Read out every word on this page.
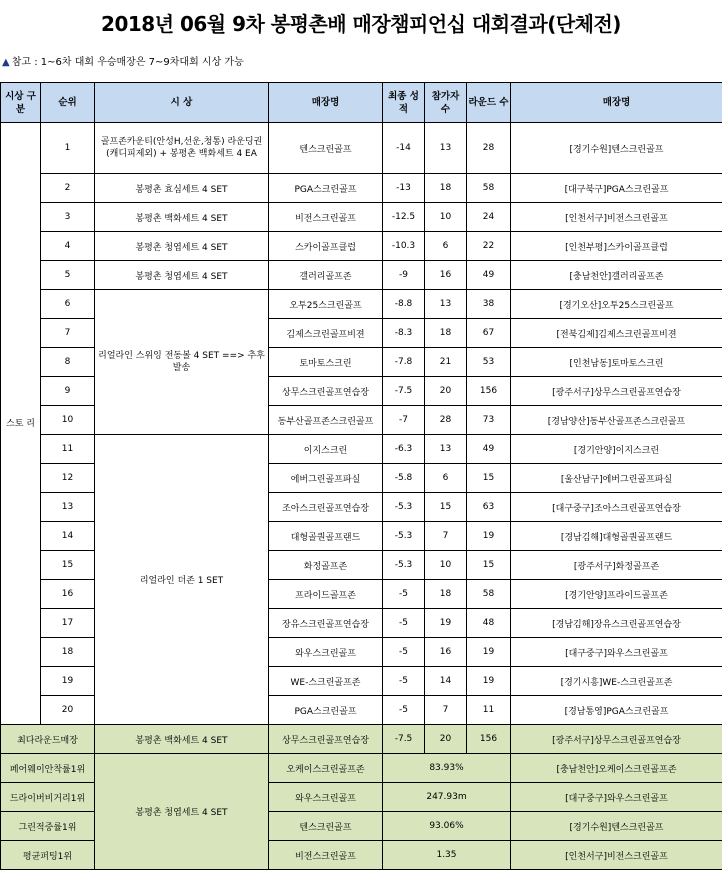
2018년 06월 9차 봉평촌배 매장챔피언십 대회결과(단체전)
▲ 참고 : 1~6차 대회 우승매장은 7~9차대회 시상 가능
시상 구분	순위	시 상	매장명	최종 성적	참가자 수	라운드 수	매장명
스토 리	1	골프존카운티(안성H,선운,청통) 라운딩권(캐디피제외) + 봉평촌 백화세트 4 EA	텐스크린골프	-14	13	28	[경기수원]텐스크린골프
	2	봉평촌 효심세트 4 SET	PGA스크린골프	-13	18	58	[대구북구]PGA스크린골프
	3	봉평촌 백화세트 4 SET	비전스크린골프	-12.5	10	24	[인천서구]비전스크린골프
	4	봉평촌 청엽세트 4 SET	스카이골프클럽	-10.3	6	22	[인천부평]스카이골프클럽
	5	봉평촌 청엽세트 4 SET	갤러리골프존	-9	16	49	[충남천안]갤러리골프존
	6	리얼라인 스위잉 전동볼 4 SET ==> 추후발송	오투25스크린골프	-8.8	13	38	[경기오산]오투25스크린골프
	7		김제스크린골프비젼	-8.3	18	67	[전북김제]김제스크린골프비젼
	8		토마토스크린	-7.8	21	53	[인천남동]토마토스크린
	9		상무스크린골프연습장	-7.5	20	156	[광주서구]상무스크린골프연습장
	10		동부산골프존스크린골프	-7	28	73	[경남양산]동부산골프존스크린골프
	11	리얼라인 더존 1 SET	이지스크린	-6.3	13	49	[경기안양]이지스크린
	12		에버그린골프파실	-5.8	6	15	[울산남구]에버그린골프파실
	13		조아스크린골프연습장	-5.3	15	63	[대구중구]조아스크린골프연습장
	14		대형골퀀골프랜드	-5.3	7	19	[경남김해]대형골퀀골프랜드
	15		화정골프존	-5.3	10	15	[광주서구]화정골프존
	16		프라이드골프존	-5	18	58	[경기안양]프라이드골프존
	17		장유스크린골프연습장	-5	19	48	[경남김해]장유스크린골프연습장
	18		와우스크린골프	-5	16	19	[대구중구]와우스크린골프
	19		WE-스크린골프존	-5	14	19	[경기시흥]WE-스크린골프존
	20		PGA스크린골프	-5	7	11	[경남통영]PGA스크린골프
최다라운드매장		봉평촌 백화세트 4 SET	상무스크린골프연습장	-7.5	20	156	[광주서구]상무스크린골프연습장
페어웨이안착률1위		봉평촌 청엽세트 4 SET	오케이스크린골프존	83.93%			[충남천안]오케이스크린골프존
드라이버비거리1위			와우스크린골프	247.93m			[대구중구]와우스크린골프
그린적중률1위			텐스크린골프	93.06%			[경기수원]텐스크린골프
평균퍼팅1위			비전스크린골프	1.35			[인천서구]비전스크린골프
